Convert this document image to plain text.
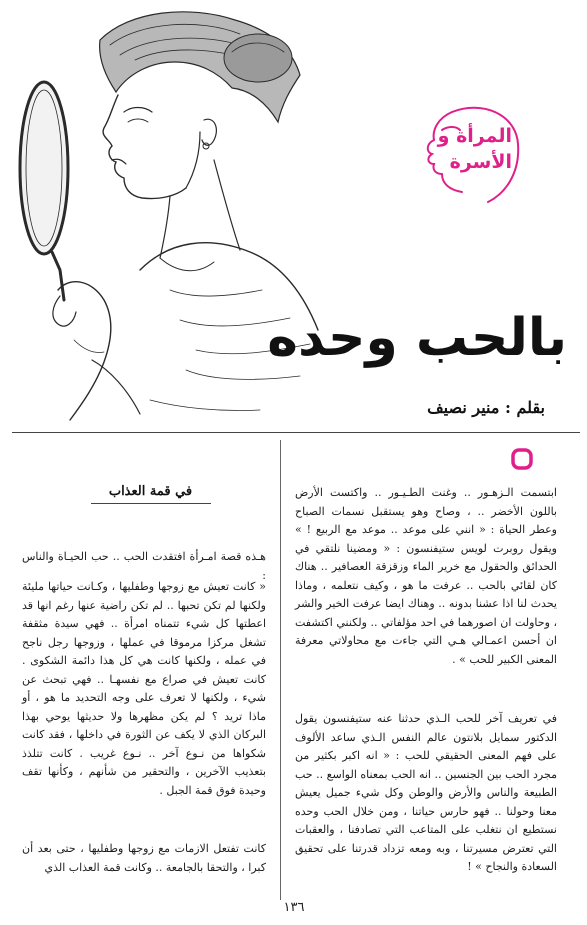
المرأة و
الأسرة
بالحب وحده
بقلم : منير نصيف

ابتسمت الـزهـور .. وغنت الطـيـور .. واكتست الأرض باللون الأخضر .. ، وصاح وهو يستقبل نسمات الصباح وعطر الحياة : « انني على موعد .. موعد مع الربيع ! » ويقول روبرت لويس ستيفنسون : « ومضينا نلتقي في الحدائق والحقول مع خرير الماء وزقزقة العصافير .. هناك كان لقائي بالحب .. عرفت ما هو ، وكيف نتعلمه ، وماذا يحدث لنا اذا عشنا بدونه .. وهناك ايضا عرفت الخير والشر ، وحاولت ان اصورهما في احد مؤلفاتي .. ولكنني اكتشفت ان أحسن اعمـالي هـي التي جاءت مع محاولاتي معرفة المعنى الكبير للحب » .

في تعريف آخر للحب الـذي حدثنا عنه ستيفنسون يقول الدكتور سمايل بلانتون عالم النفس الـذي ساعد الألوف على فهم المعنى الحقيقي للحب : « انه اكبر بكثير من مجرد الحب بين الجنسين .. انه الحب بمعناه الواسع .. حب الطبيعة والناس والأرض والوطن وكل شيء جميل يعيش معنا وحولنا .. فهو حارس حياتنا ، ومن خلال الحب وحده نستطيع ان نتغلب على المتاعب التي تصادفنا ، والعقبات التي تعترض مسيرتنا ، وبه ومعه تزداد قدرتنا على تحقيق السعادة والنجاح » !

في قمة العذاب

هـذه قصة امـرأة افتقدت الحب .. حب الحيـاة والناس :

« كانت تعيش مع زوجها وطفليها ، وكـانت حياتها مليئة ولكنها لم تكن تحبها .. لم تكن راضية عنها رغم انها قد اعطتها كل شيء تتمناه امرأة .. فهي سيدة مثقفة تشغل مركزا مرموقا في عملها ، وزوجها رجل ناجح في عمله ، ولكنها كانت هي كل هذا دائمة الشكوى . كانت تعيش في صراع مع نفسهـا .. فهي تبحث عن شيء ، ولكنها لا تعرف على وجه التحديد ما هو ، أو ماذا تريد ؟ لم يكن مظهرها ولا حديثها يوحي بهذا البركان الذي لا يكف عن الثورة في داخلها ، فقد كانت شكواها من نـوع آخر .. نـوع غريب . كانت تتلذذ بتعذيب الآخرين ، والتحقير من شأنهم ، وكأنها تقف وحيدة فوق قمة الجبل .

كانت تفتعل الازمات مع زوجها وطفليها ، حتى بعد أن كبرا ، والتحقا بالجامعة .. وكانت قمة العذاب الذي

١٣٦
